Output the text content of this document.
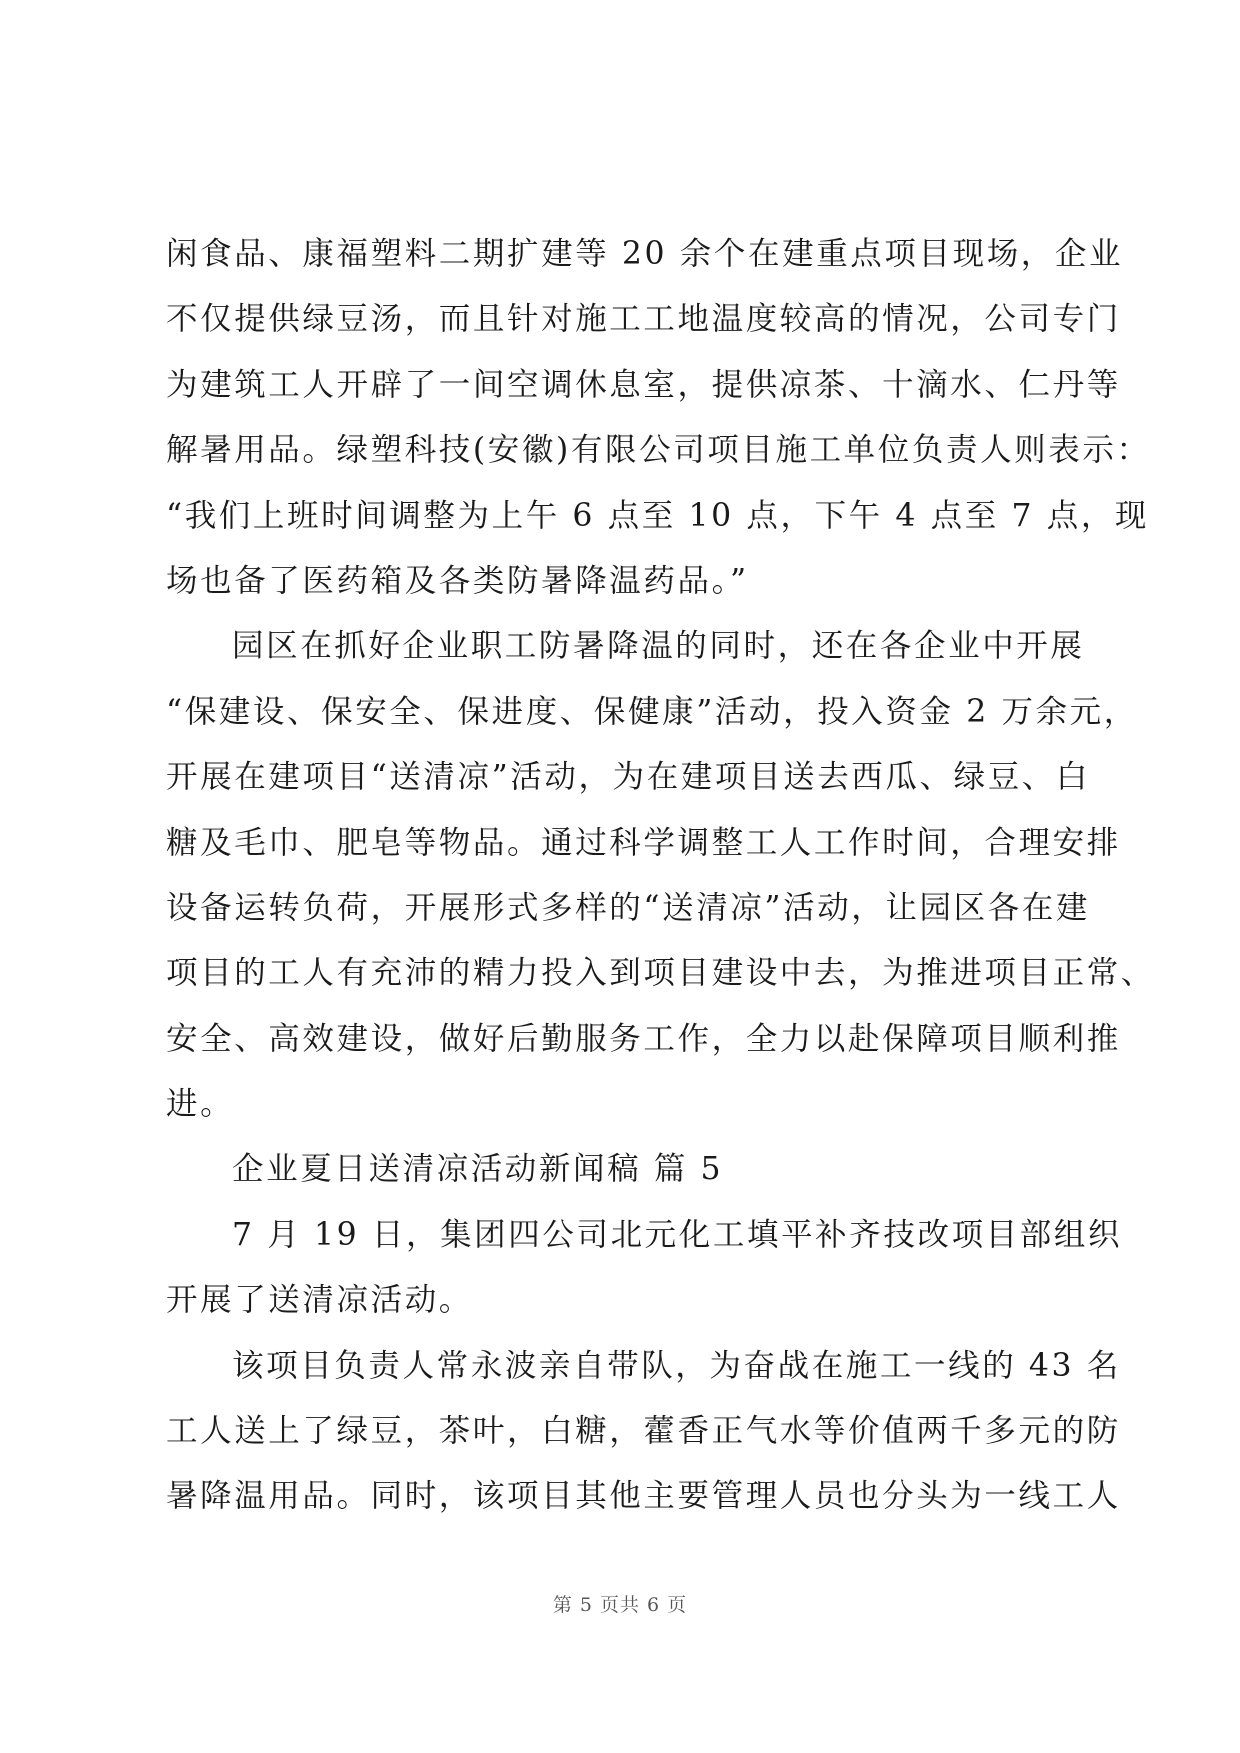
闲食品、康福塑料二期扩建等 20 余个在建重点项目现场，企业
不仅提供绿豆汤，而且针对施工工地温度较高的情况，公司专门
为建筑工人开辟了一间空调休息室，提供凉茶、十滴水、仁丹等
解暑用品。绿塑科技(安徽)有限公司项目施工单位负责人则表示：
“我们上班时间调整为上午 6 点至 10 点，下午 4 点至 7 点，现
场也备了医药箱及各类防暑降温药品。”
园区在抓好企业职工防暑降温的同时，还在各企业中开展
“保建设、保安全、保进度、保健康”活动，投入资金 2 万余元，
开展在建项目“送清凉”活动，为在建项目送去西瓜、绿豆、白
糖及毛巾、肥皂等物品。通过科学调整工人工作时间，合理安排
设备运转负荷，开展形式多样的“送清凉”活动，让园区各在建
项目的工人有充沛的精力投入到项目建设中去，为推进项目正常、
安全、高效建设，做好后勤服务工作，全力以赴保障项目顺利推
进。
企业夏日送清凉活动新闻稿 篇 5
7 月 19 日，集团四公司北元化工填平补齐技改项目部组织
开展了送清凉活动。
该项目负责人常永波亲自带队，为奋战在施工一线的 43 名
工人送上了绿豆，茶叶，白糖，藿香正气水等价值两千多元的防
暑降温用品。同时，该项目其他主要管理人员也分头为一线工人
第 5 页共 6 页
